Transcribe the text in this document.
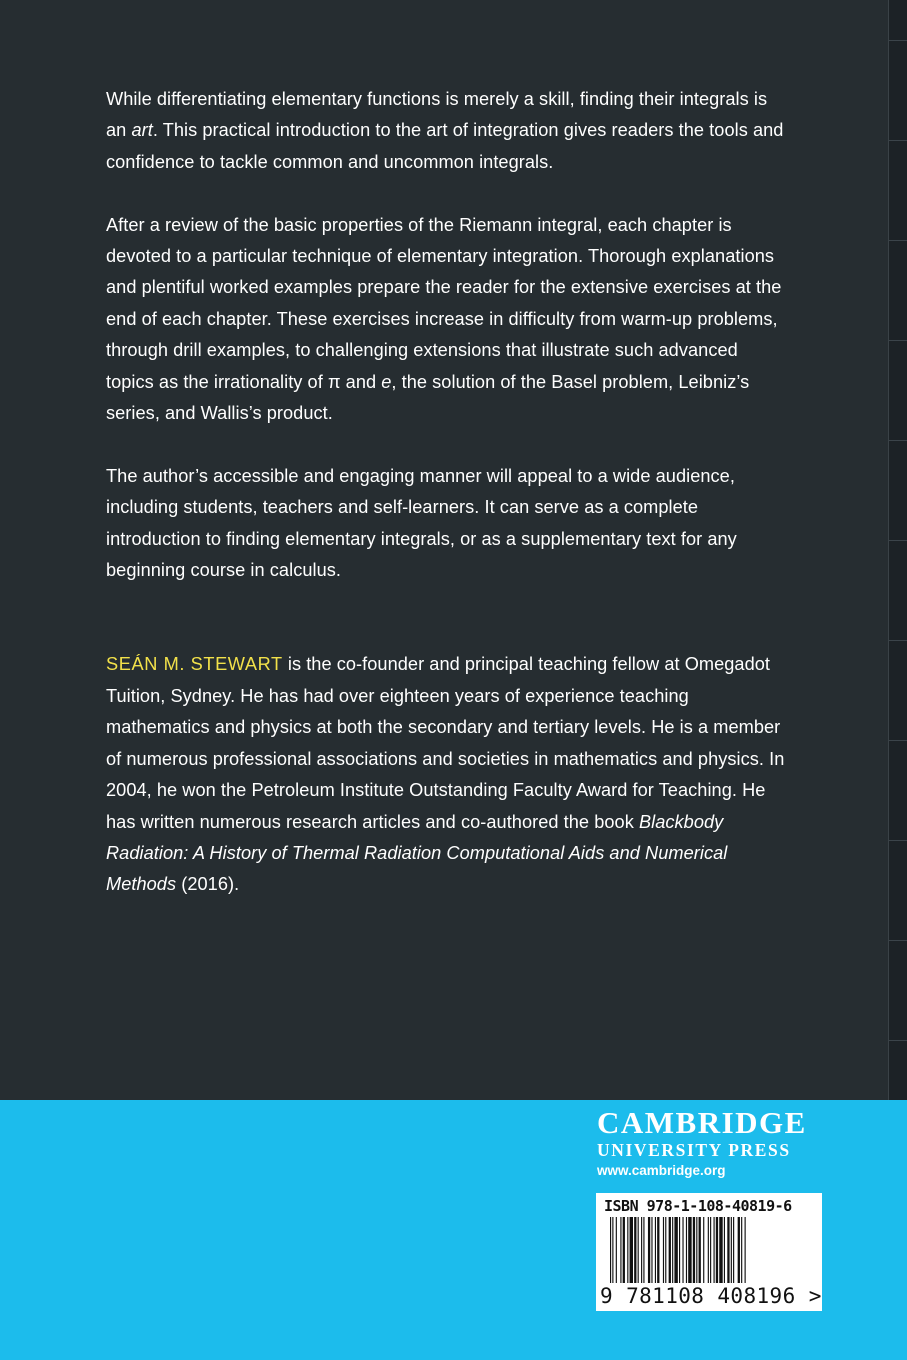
While differentiating elementary functions is merely a skill, finding their integrals is an art. This practical introduction to the art of integration gives readers the tools and confidence to tackle common and uncommon integrals.

After a review of the basic properties of the Riemann integral, each chapter is devoted to a particular technique of elementary integration. Thorough explanations and plentiful worked examples prepare the reader for the extensive exercises at the end of each chapter. These exercises increase in difficulty from warm-up problems, through drill examples, to challenging extensions that illustrate such advanced topics as the irrationality of π and e, the solution of the Basel problem, Leibniz’s series, and Wallis’s product.

The author’s accessible and engaging manner will appeal to a wide audience, including students, teachers and self-learners. It can serve as a complete introduction to finding elementary integrals, or as a supplementary text for any beginning course in calculus.

SEÁN M. STEWART is the co-founder and principal teaching fellow at Omegadot Tuition, Sydney. He has had over eighteen years of experience teaching mathematics and physics at both the secondary and tertiary levels. He is a member of numerous professional associations and societies in mathematics and physics. In 2004, he won the Petroleum Institute Outstanding Faculty Award for Teaching. He has written numerous research articles and co-authored the book Blackbody Radiation: A History of Thermal Radiation Computational Aids and Numerical Methods (2016).

CAMBRIDGE
UNIVERSITY PRESS
www.cambridge.org
ISBN 978-1-108-40819-6
9 781108 408196 >
